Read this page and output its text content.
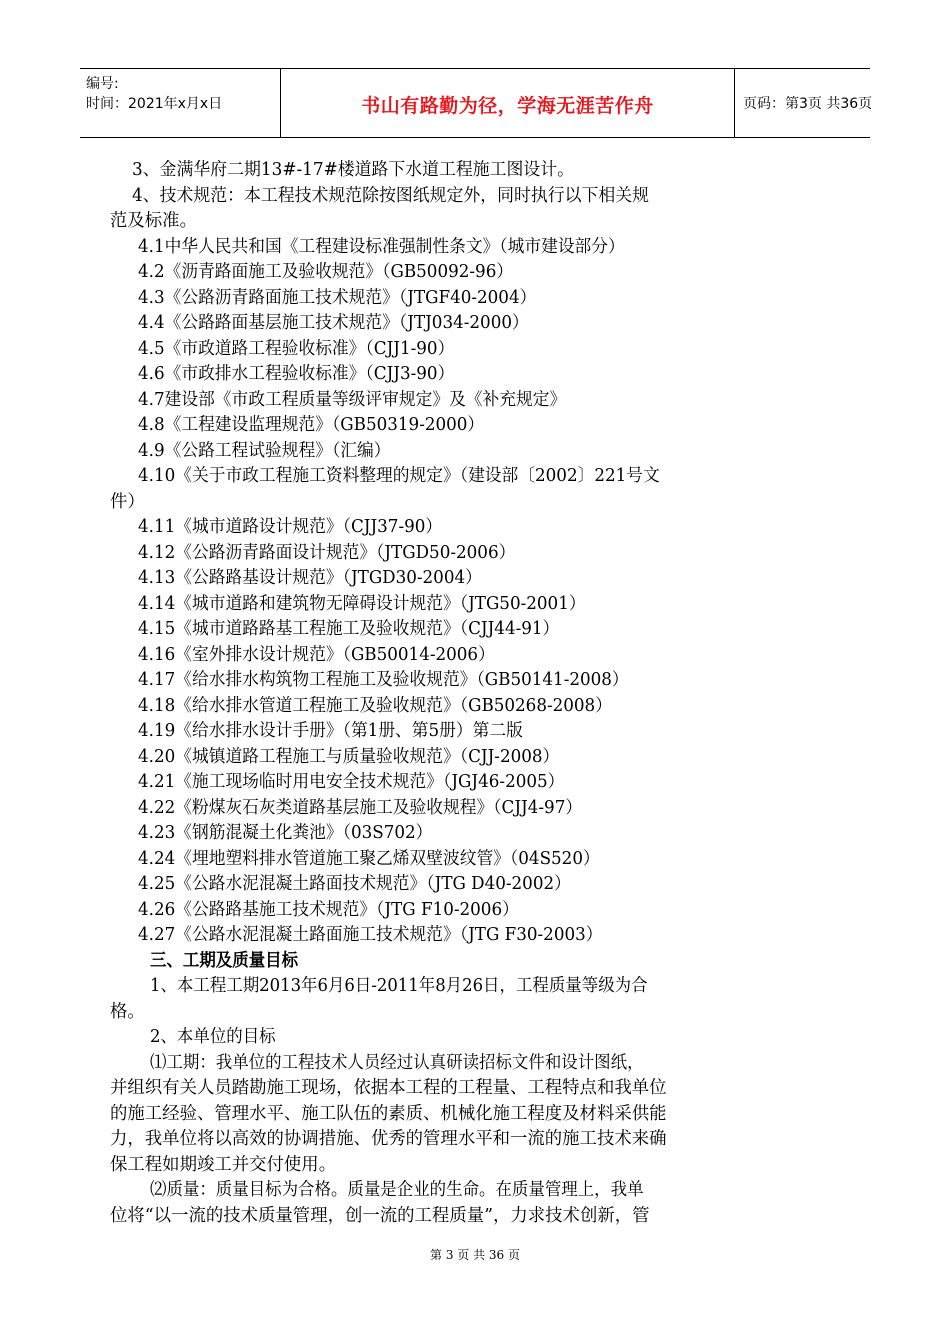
编号:
时间：2021年x月x日	书山有路勤为径，学海无涯苦作舟	页码：第3页 共36页
3、金满华府二期13#-17#楼道路下水道工程施工图设计。
4、技术规范：本工程技术规范除按图纸规定外，同时执行以下相关规
范及标准。
4.1中华人民共和国《工程建设标准强制性条文》（城市建设部分）
4.2《沥青路面施工及验收规范》（GB50092-96）
4.3《公路沥青路面施工技术规范》（JTGF40-2004）
4.4《公路路面基层施工技术规范》（JTJ034-2000）
4.5《市政道路工程验收标准》（CJJ1-90）
4.6《市政排水工程验收标准》（CJJ3-90）
4.7建设部《市政工程质量等级评审规定》及《补充规定》
4.8《工程建设监理规范》（GB50319-2000）
4.9《公路工程试验规程》（汇编）
4.10《关于市政工程施工资料整理的规定》（建设部〔2002〕221号文
件）
4.11《城市道路设计规范》（CJJ37-90）
4.12《公路沥青路面设计规范》（JTGD50-2006）
4.13《公路路基设计规范》（JTGD30-2004）
4.14《城市道路和建筑物无障碍设计规范》（JTG50-2001）
4.15《城市道路路基工程施工及验收规范》（CJJ44-91）
4.16《室外排水设计规范》（GB50014-2006）
4.17《给水排水构筑物工程施工及验收规范》（GB50141-2008）
4.18《给水排水管道工程施工及验收规范》（GB50268-2008）
4.19《给水排水设计手册》（第1册、第5册）第二版
4.20《城镇道路工程施工与质量验收规范》（CJJ-2008）
4.21《施工现场临时用电安全技术规范》（JGJ46-2005）
4.22《粉煤灰石灰类道路基层施工及验收规程》（CJJ4-97）
4.23《钢筋混凝土化粪池》（03S702）
4.24《埋地塑料排水管道施工聚乙烯双壁波纹管》（04S520）
4.25《公路水泥混凝土路面技术规范》（JTG D40-2002）
4.26《公路路基施工技术规范》（JTG F10-2006）
4.27《公路水泥混凝土路面施工技术规范》（JTG F30-2003）
三、工期及质量目标
1、本工程工期2013年6月6日-2011年8月26日，工程质量等级为合
格。
2、本单位的目标
⑴工期：我单位的工程技术人员经过认真研读招标文件和设计图纸，
并组织有关人员踏勘施工现场，依据本工程的工程量、工程特点和我单位
的施工经验、管理水平、施工队伍的素质、机械化施工程度及材料采供能
力，我单位将以高效的协调措施、优秀的管理水平和一流的施工技术来确
保工程如期竣工并交付使用。
⑵质量：质量目标为合格。质量是企业的生命。在质量管理上，我单
位将“以一流的技术质量管理，创一流的工程质量”，力求技术创新，管
第 3 页 共 36 页
